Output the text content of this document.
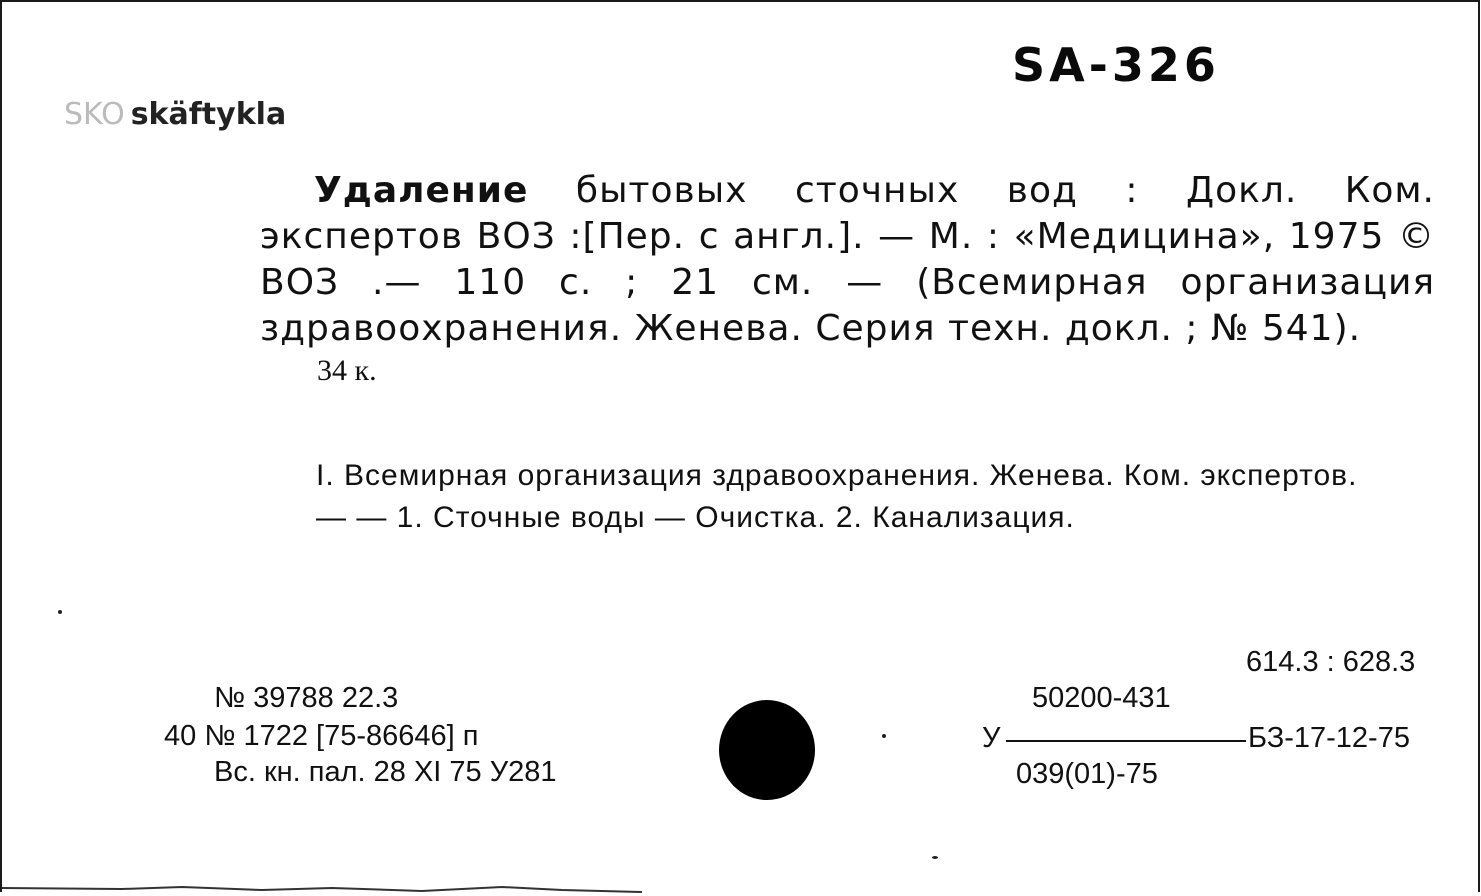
SA-326
SKO skäftykla

Удаление бытовых сточных вод : Докл. Ком. экспертов ВОЗ :[Пер. с англ.]. — М. : «Медицина», 1975 © ВОЗ .— 110 с. ; 21 см. — (Всемирная организация здравоохранения. Женева. Серия техн. докл. ; № 541).

34 к.

I. Всемирная организация здравоохранения. Женева. Ком. экспертов.

— — 1. Сточные воды — Очистка. 2. Канализация.

№ 39788 22.3
40 № 1722 [75-86646] п
Вс. кн. пал. 28 XI 75 У281
614.3 : 628.3
50200-431
У	БЗ-17-12-75
039(01)-75
